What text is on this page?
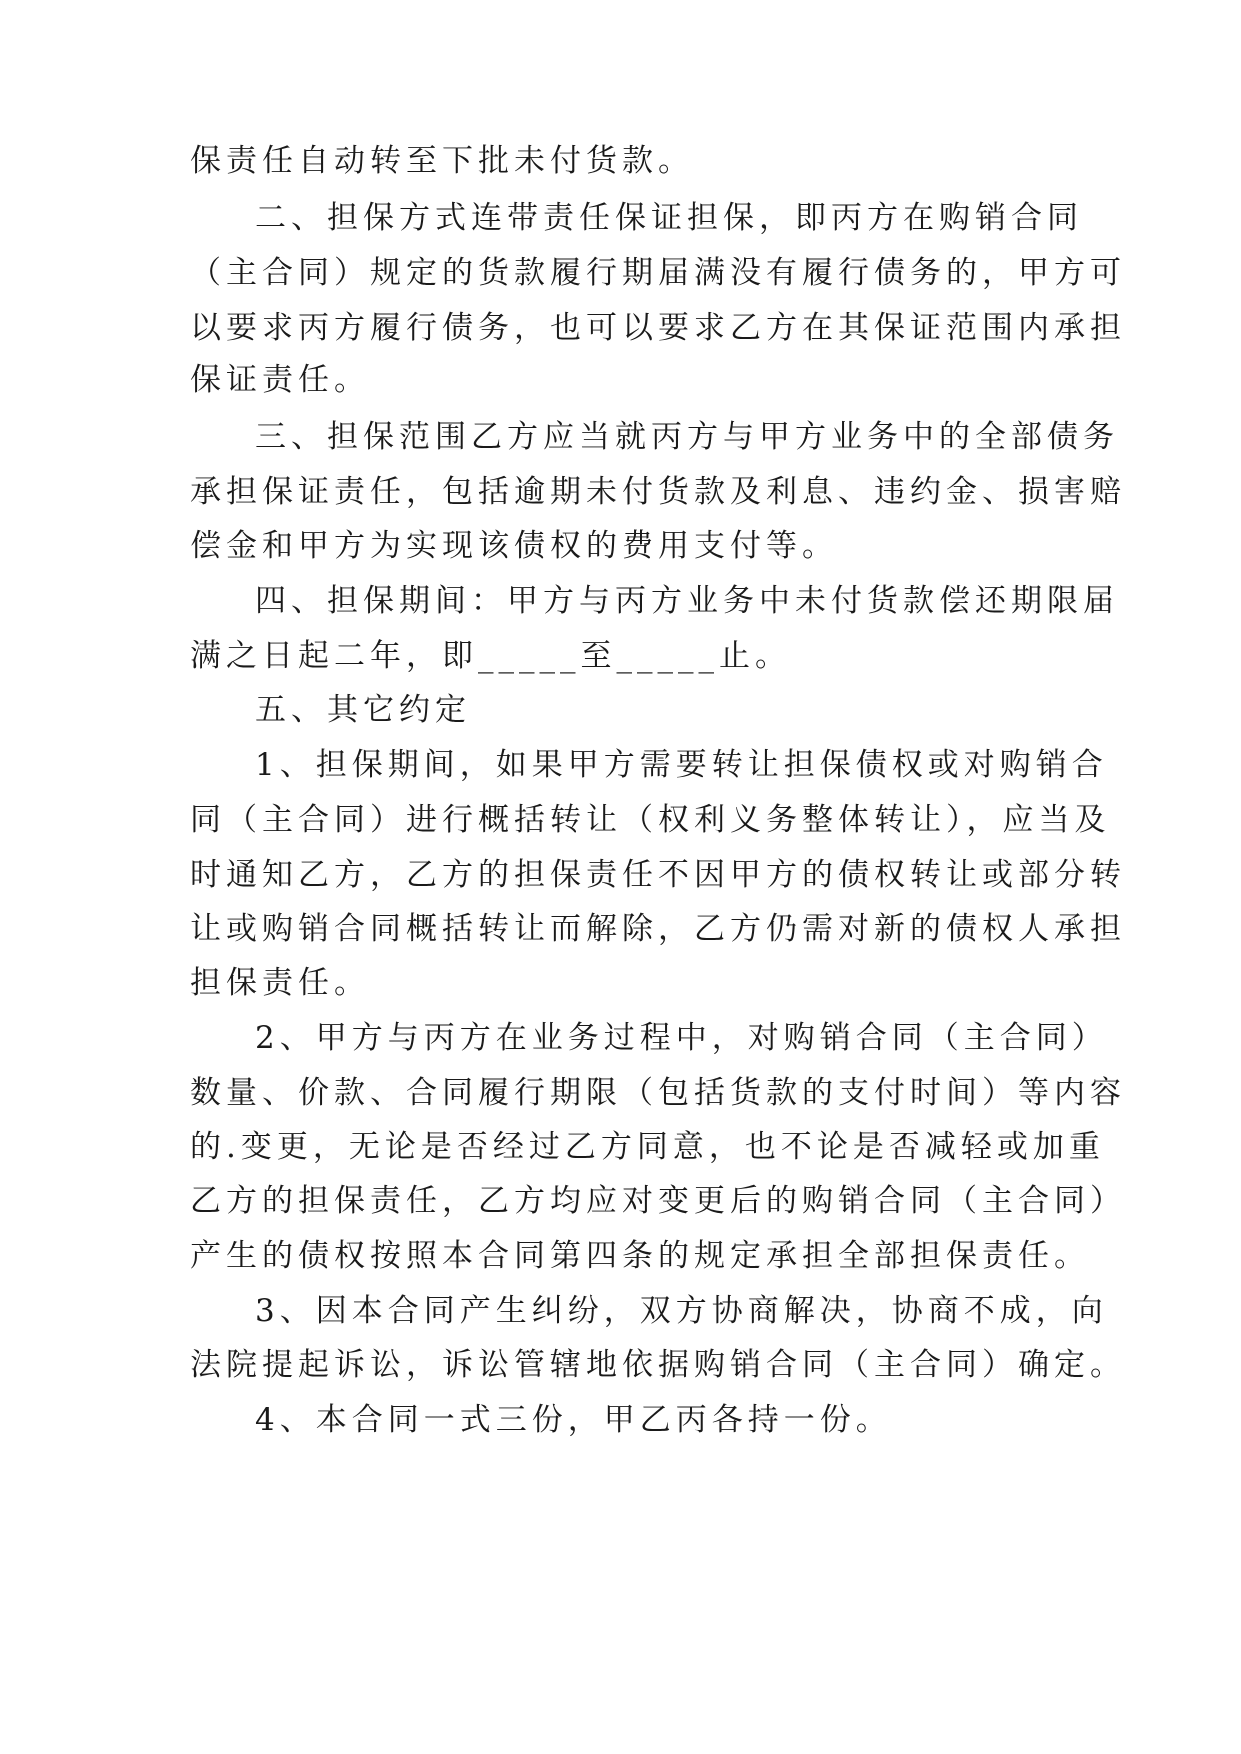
保责任自动转至下批未付货款。
二、担保方式连带责任保证担保，即丙方在购销合同
（主合同）规定的货款履行期届满没有履行债务的，甲方可
以要求丙方履行债务，也可以要求乙方在其保证范围内承担
保证责任。
三、担保范围乙方应当就丙方与甲方业务中的全部债务
承担保证责任，包括逾期未付货款及利息、违约金、损害赔
偿金和甲方为实现该债权的费用支付等。
四、担保期间：甲方与丙方业务中未付货款偿还期限届
满之日起二年，即_____至_____止。
五、其它约定
1、担保期间，如果甲方需要转让担保债权或对购销合
同（主合同）进行概括转让（权利义务整体转让），应当及
时通知乙方，乙方的担保责任不因甲方的债权转让或部分转
让或购销合同概括转让而解除，乙方仍需对新的债权人承担
担保责任。
2、甲方与丙方在业务过程中，对购销合同（主合同）
数量、价款、合同履行期限（包括货款的支付时间）等内容
的.变更，无论是否经过乙方同意，也不论是否减轻或加重
乙方的担保责任，乙方均应对变更后的购销合同（主合同）
产生的债权按照本合同第四条的规定承担全部担保责任。
3、因本合同产生纠纷，双方协商解决，协商不成，向
法院提起诉讼，诉讼管辖地依据购销合同（主合同）确定。
4、本合同一式三份，甲乙丙各持一份。
